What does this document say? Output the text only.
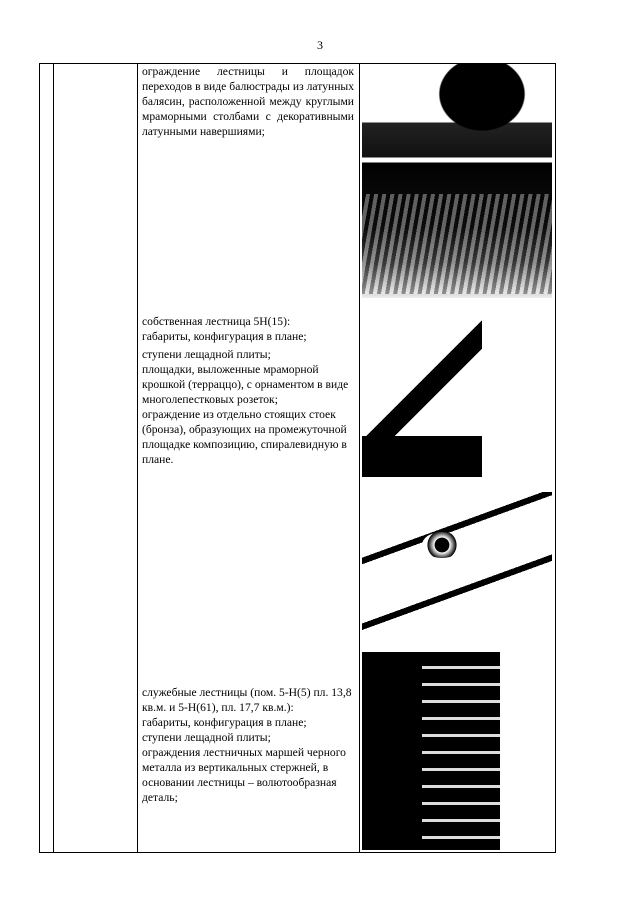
3
ограждение лестницы и площадок переходов в виде балюстрады из латунных балясин, расположенной между круглыми мраморными столбами с декоративными латунными навершиями;
собственная лестница 5Н(15):
габариты, конфигурация в плане;
ступени лещадной плиты;
площадки, выложенные мраморной крошкой (терраццо), с орнаментом в виде многолепестковых розеток;
ограждение из отдельно стоящих стоек (бронза), образующих на промежуточной площадке композицию, спиралевидную в плане.
служебные лестницы (пом. 5-Н(5) пл. 13,8 кв.м. и 5-Н(61), пл. 17,7 кв.м.):
габариты, конфигурация в плане;
ступени лещадной плиты;
ограждения лестничных маршей черного металла из вертикальных стержней, в основании лестницы – волютообразная деталь;
